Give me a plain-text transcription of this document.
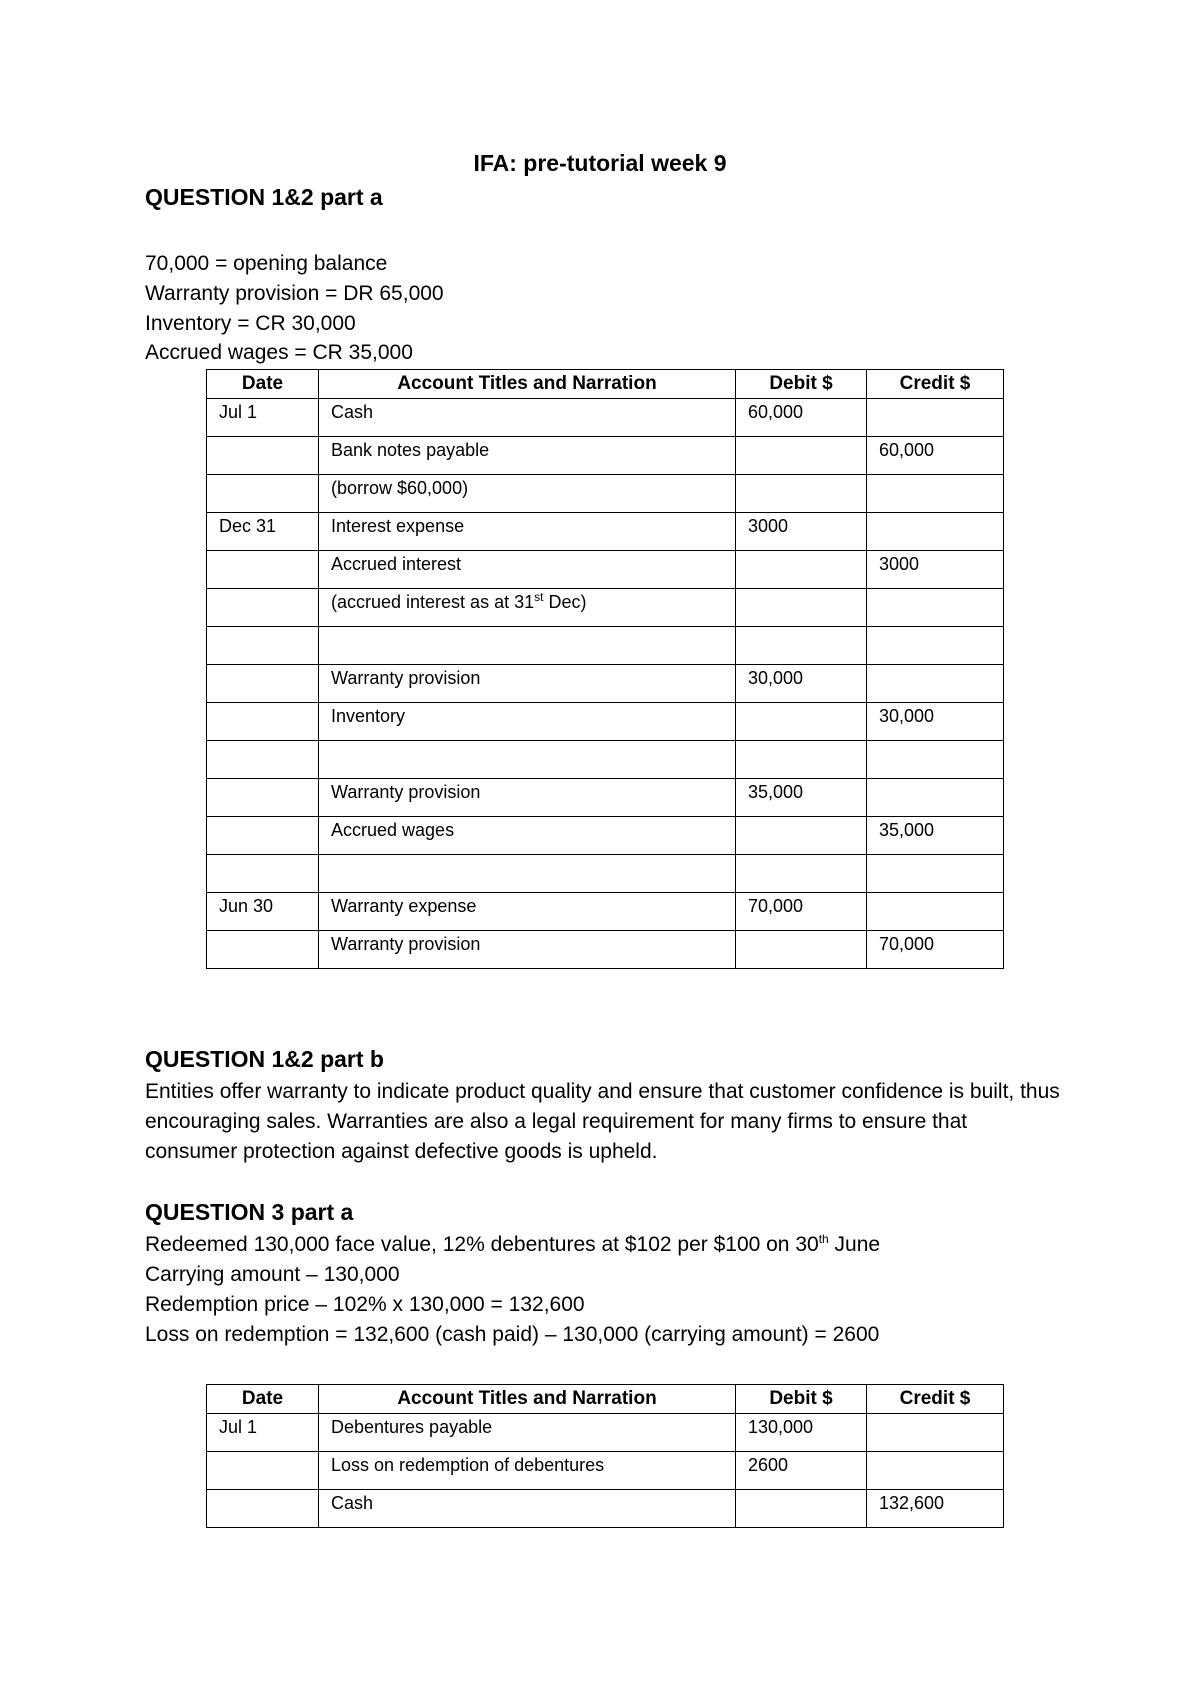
IFA: pre-tutorial week 9
QUESTION 1&2 part a
70,000 = opening balance
Warranty provision = DR 65,000
Inventory = CR 30,000
Accrued wages = CR 35,000
Date	Account Titles and Narration	Debit $	Credit $
Jul 1	Cash	60,000	
	Bank notes payable		60,000
	(borrow $60,000)		
Dec 31	Interest expense	3000	
	Accrued interest		3000
	(accrued interest as at 31st Dec)		

	Warranty provision	30,000	
	Inventory		30,000

	Warranty provision	35,000	
	Accrued wages		35,000

Jun 30	Warranty expense	70,000	
	Warranty provision		70,000
QUESTION 1&2 part b
Entities offer warranty to indicate product quality and ensure that customer confidence is built, thus encouraging sales. Warranties are also a legal requirement for many firms to ensure that consumer protection against defective goods is upheld.
QUESTION 3 part a
Redeemed 130,000 face value, 12% debentures at $102 per $100 on 30th June
Carrying amount – 130,000
Redemption price – 102% x 130,000 = 132,600
Loss on redemption = 132,600 (cash paid) – 130,000 (carrying amount) = 2600
Date	Account Titles and Narration	Debit $	Credit $
Jul 1	Debentures payable	130,000	
	Loss on redemption of debentures	2600	
	Cash		132,600
